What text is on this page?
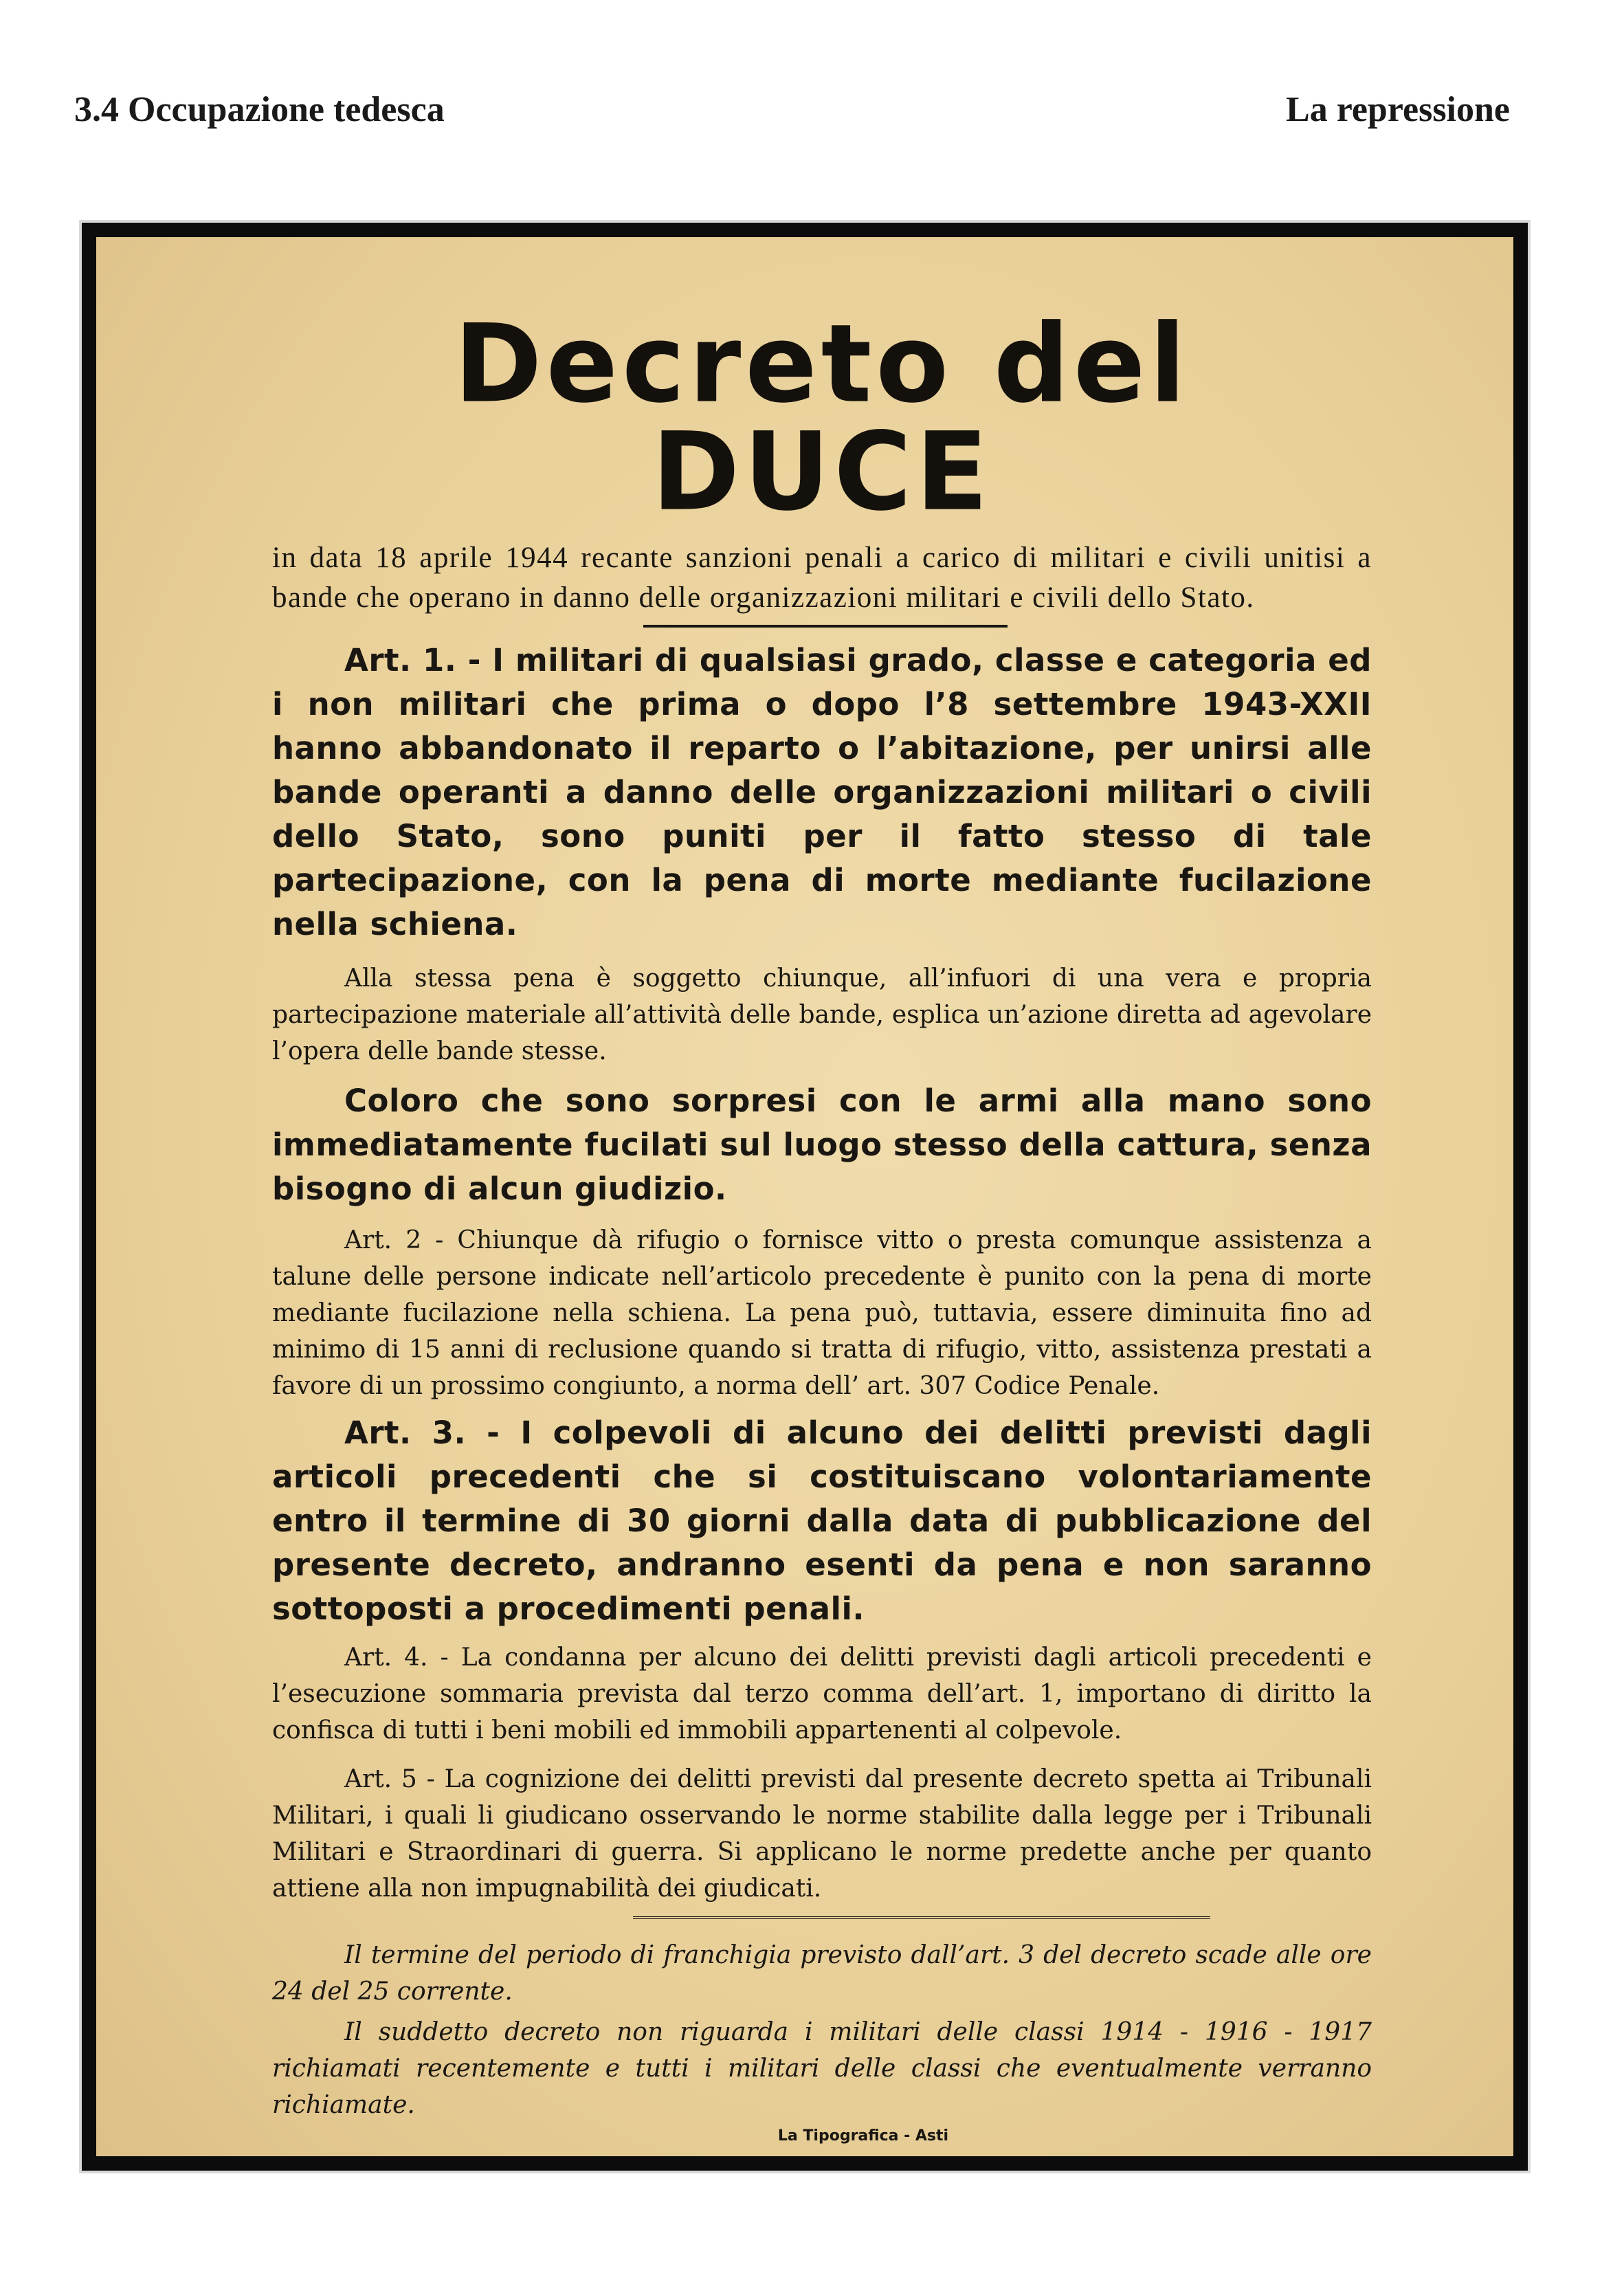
3.4 Occupazione tedesca	La repressione
Decreto del DUCE

in data 18 aprile 1944 recante sanzioni penali a carico di militari e civili unitisi a bande che operano in danno delle organizzazioni militari e civili dello Stato.

Art. 1. - I militari di qualsiasi grado, classe e categoria ed i non militari che prima o dopo l’8 settembre 1943-XXII hanno abbandonato il reparto o l’abitazione, per unirsi alle bande operanti a danno delle organizzazioni militari o civili dello Stato, sono puniti per il fatto stesso di tale partecipazione, con la pena di morte mediante fucilazione nella schiena.

Alla stessa pena è soggetto chiunque, all’infuori di una vera e propria partecipazione materiale all’attività delle bande, esplica un’azione diretta ad agevolare l’opera delle bande stesse.

Coloro che sono sorpresi con le armi alla mano sono immediatamente fucilati sul luogo stesso della cattura, senza bisogno di alcun giudizio.

Art. 2 - Chiunque dà rifugio o fornisce vitto o presta comunque assistenza a talune delle persone indicate nell’articolo precedente è punito con la pena di morte mediante fucilazione nella schiena. La pena può, tuttavia, essere diminuita fino ad minimo di 15 anni di reclusione quando si tratta di rifugio, vitto, assistenza prestati a favore di un prossimo congiunto, a norma dell’ art. 307 Codice Penale.

Art. 3. - I colpevoli di alcuno dei delitti previsti dagli articoli precedenti che si costituiscano volontariamente entro il termine di 30 giorni dalla data di pubblicazione del presente decreto, andranno esenti da pena e non saranno sottoposti a procedimenti penali.

Art. 4. - La condanna per alcuno dei delitti previsti dagli articoli precedenti e l’esecuzione sommaria prevista dal terzo comma dell’art. 1, importano di diritto la confisca di tutti i beni mobili ed immobili appartenenti al colpevole.

Art. 5 - La cognizione dei delitti previsti dal presente decreto spetta ai Tribunali Militari, i quali li giudicano osservando le norme stabilite dalla legge per i Tribunali Militari e Straordinari di guerra. Si applicano le norme predette anche per quanto attiene alla non impugnabilità dei giudicati.

Il termine del periodo di franchigia previsto dall’art. 3 del decreto scade alle ore 24 del 25 corrente.

Il suddetto decreto non riguarda i militari delle classi 1914 - 1916 - 1917 richiamati recentemente e tutti i militari delle classi che eventualmente verranno richiamate.

La Tipografica - Asti
